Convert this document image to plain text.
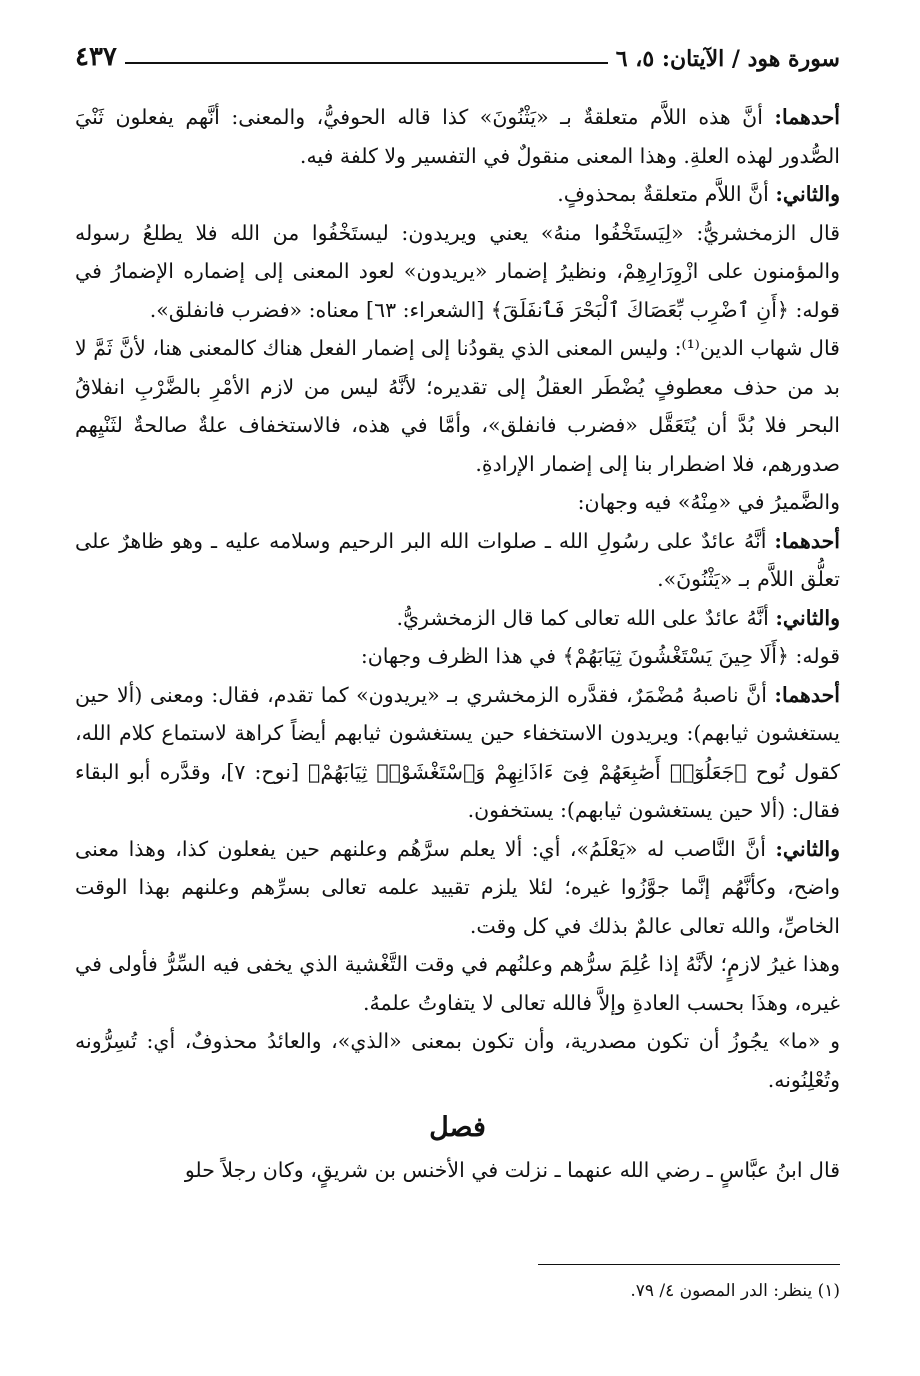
سورة هود / الآيتان: ٥، ٦
٤٣٧

أحدهما: أنَّ هذه اللاَّم متعلقةٌ بـ «يَثْنُونَ» كذا قاله الحوفيُّ، والمعنى: أنَّهم يفعلون ثَنْيَ الصُّدور لهذه العلةِ. وهذا المعنى منقولٌ في التفسير ولا كلفة فيه.

والثاني: أنَّ اللاَّم متعلقةٌ بمحذوفٍ.

قال الزمخشريُّ: «لِيَستَخْفُوا منهُ» يعني ويريدون: ليستَخْفُوا من الله فلا يطلعُ رسوله والمؤمنون على ازْوِرَارِهِمْ، ونظيرُ إضمار «يريدون» لعود المعنى إلى إضماره الإضمارُ في قوله: ﴿أَنِ ٱضْرِب بِّعَصَاكَ ٱلْبَحْرَ فَٱنفَلَقَ﴾ [الشعراء: ٦٣] معناه: «فضرب فانفلق».

قال شهاب الدين⁽¹⁾: وليس المعنى الذي يقودُنا إلى إضمار الفعل هناك كالمعنى هنا، لأنَّ ثَمَّ لا بد من حذف معطوفٍ يُضْطَر العقلُ إلى تقديره؛ لأنَّهُ ليس من لازم الأمْرِ بالضَّرْبِ انفلاقُ البحر فلا بُدَّ أن يُتَعَقَّل «فضرب فانفلق»، وأمَّا في هذه، فالاستخفاف علةٌ صالحةٌ لثَنْيِهم صدورهم، فلا اضطرار بنا إلى إضمار الإرادةِ.

والضَّميرُ في «مِنْهُ» فيه وجهان:

أحدهما: أنَّهُ عائدٌ على رسُولِ الله ـ صلوات الله البر الرحيم وسلامه عليه ـ وهو ظاهرٌ على تعلُّق اللاَّم بـ «يَثْنُونَ».

والثاني: أنَّهُ عائدٌ على الله تعالى كما قال الزمخشريُّ.

قوله: ﴿أَلَا حِينَ يَسْتَغْشُونَ ثِيَابَهُمْ﴾ في هذا الظرف وجهان:

أحدهما: أنَّ ناصبهُ مُضْمَرٌ، فقدَّره الزمخشري بـ «يريدون» كما تقدم، فقال: ومعنى (ألا حين يستغشون ثيابهم): ويريدون الاستخفاء حين يستغشون ثيابهم أيضاً كراهة لاستماع كلام الله، كقول نُوح ﴿جَعَلُوٓا۟ أَصَٰبِعَهُمْ فِىٓ ءَاذَانِهِمْ وَٱسْتَغْشَوْا۟ ثِيَابَهُمْ﴾ [نوح: ٧]، وقدَّره أبو البقاء فقال: (ألا حين يستغشون ثيابهم): يستخفون.

والثاني: أنَّ النَّاصب له «يَعْلَمُ»، أي: ألا يعلم سرَّهُم وعلنهم حين يفعلون كذا، وهذا معنى واضح، وكأنَّهُم إنَّما جوَّزُوا غيره؛ لئلا يلزم تقييد علمه تعالى بسرِّهم وعلنهم بهذا الوقت الخاصِّ، والله تعالى عالمٌ بذلك في كل وقت.

وهذا غيرُ لازمٍ؛ لأنَّهُ إذا عُلِمَ سرُّهم وعلنُهم في وقت التَّغْشية الذي يخفى فيه السِّرُّ فأولى في غيره، وهذَا بحسب العادةِ وإلاَّ فالله تعالى لا يتفاوتُ علمهُ.

و «ما» يجُوزُ أن تكون مصدرية، وأن تكون بمعنى «الذي»، والعائدُ محذوفٌ، أي: تُسِرُّونه وتُعْلِنُونه.

فصل

قال ابنُ عبَّاسٍ ـ رضي الله عنهما ـ نزلت في الأخنس بن شريقٍ، وكان رجلاً حلو

(١) ينظر: الدر المصون ٤/ ٧٩.
